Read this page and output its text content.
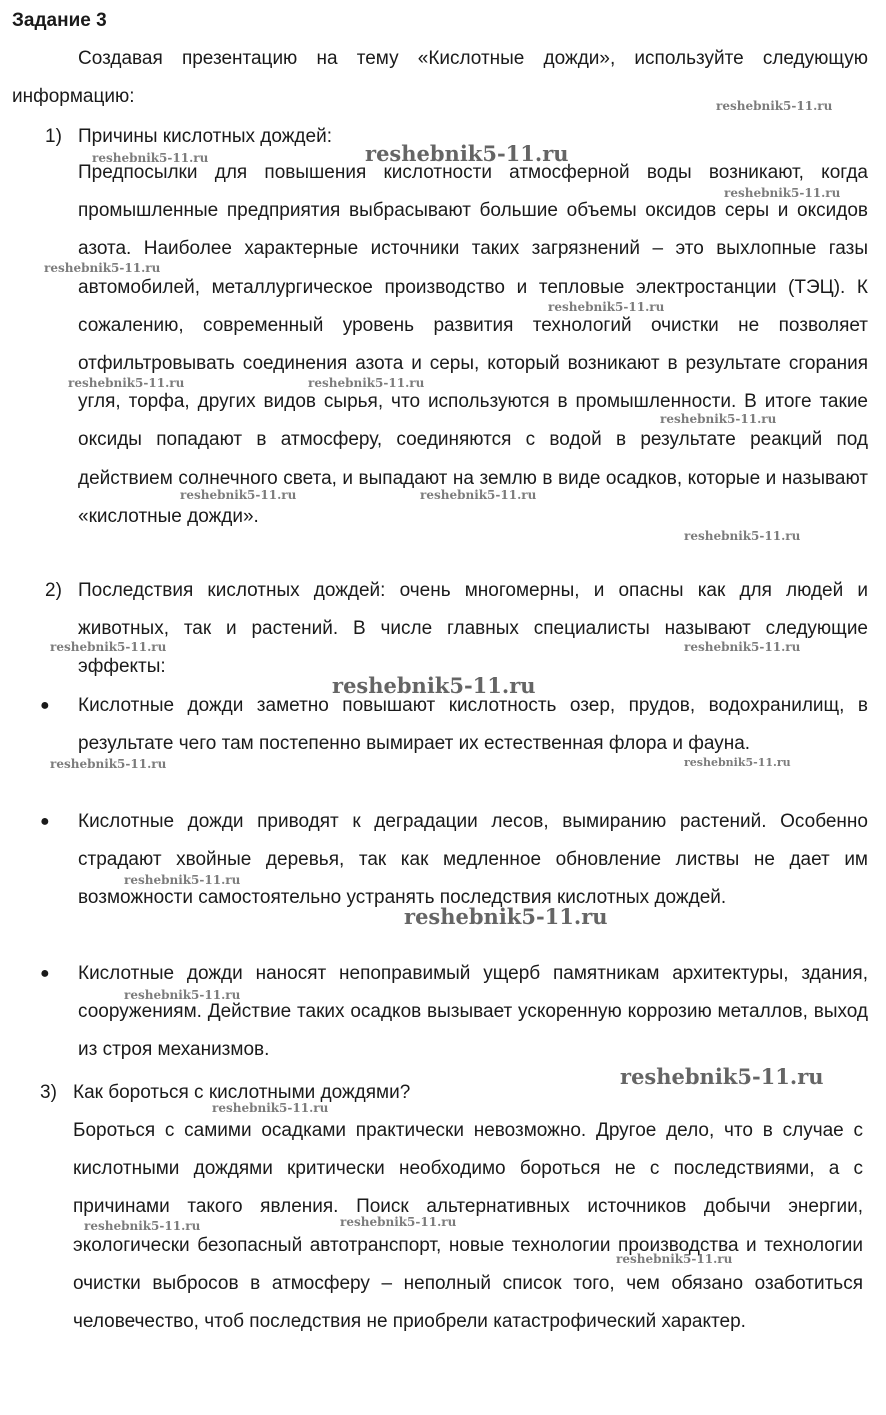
Задание 3
Создавая презентацию на тему «Кислотные дожди», используйте следующую информацию:
1) Причины кислотных дождей:
Предпосылки для повышения кислотности атмосферной воды возникают, когда промышленные предприятия выбрасывают большие объемы оксидов серы и оксидов азота. Наиболее характерные источники таких загрязнений – это выхлопные газы автомобилей, металлургическое производство и тепловые электростанции (ТЭЦ). К сожалению, современный уровень развития технологий очистки не позволяет отфильтровывать соединения азота и серы, который возникают в результате сгорания угля, торфа, других видов сырья, что используются в промышленности. В итоге такие оксиды попадают в атмосферу, соединяются с водой в результате реакций под действием солнечного света, и выпадают на землю в виде осадков, которые и называют «кислотные дожди».
2) Последствия кислотных дождей: очень многомерны, и опасны как для людей и животных, так и растений. В числе главных специалисты называют следующие эффекты:
● Кислотные дожди заметно повышают кислотность озер, прудов, водохранилищ, в результате чего там постепенно вымирает их естественная флора и фауна.
● Кислотные дожди приводят к деградации лесов, вымиранию растений. Особенно страдают хвойные деревья, так как медленное обновление листвы не дает им возможности самостоятельно устранять последствия кислотных дождей.
● Кислотные дожди наносят непоправимый ущерб памятникам архитектуры, здания, сооружениям. Действие таких осадков вызывает ускоренную коррозию металлов, выход из строя механизмов.
3) Как бороться с кислотными дождями?
Бороться с самими осадками практически невозможно. Другое дело, что в случае с кислотными дождями критически необходимо бороться не с последствиями, а с причинами такого явления. Поиск альтернативных источников добычи энергии, экологически безопасный автотранспорт, новые технологии производства и технологии очистки выбросов в атмосферу – неполный список того, чем обязано озаботиться человечество, чтоб последствия не приобрели катастрофический характер.
reshebnik5-11.ru
reshebnik5-11.ru	reshebnik5-11.ru
reshebnik5-11.ru
reshebnik5-11.ru
reshebnik5-11.ru
reshebnik5-11.ru	reshebnik5-11.ru
reshebnik5-11.ru
reshebnik5-11.ru	reshebnik5-11.ru
reshebnik5-11.ru
reshebnik5-11.ru	reshebnik5-11.ru
reshebnik5-11.ru
reshebnik5-11.ru	reshebnik5-11.ru
reshebnik5-11.ru
reshebnik5-11.ru
reshebnik5-11.ru
reshebnik5-11.ru
reshebnik5-11.ru
reshebnik5-11.ru	reshebnik5-11.ru
reshebnik5-11.ru
